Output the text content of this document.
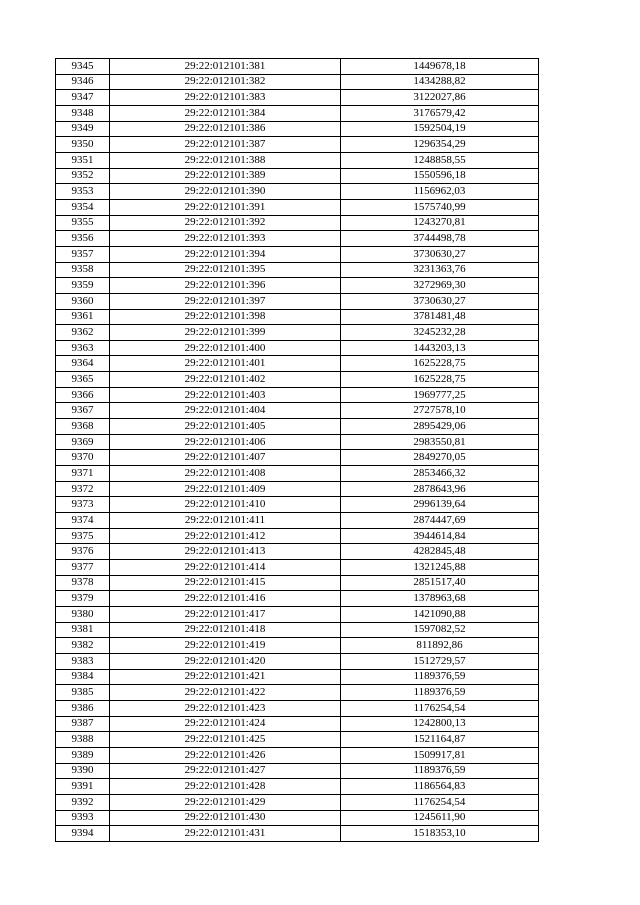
9345	29:22:012101:381	1449678,18
9346	29:22:012101:382	1434288,82
9347	29:22:012101:383	3122027,86
9348	29:22:012101:384	3176579,42
9349	29:22:012101:386	1592504,19
9350	29:22:012101:387	1296354,29
9351	29:22:012101:388	1248858,55
9352	29:22:012101:389	1550596,18
9353	29:22:012101:390	1156962,03
9354	29:22:012101:391	1575740,99
9355	29:22:012101:392	1243270,81
9356	29:22:012101:393	3744498,78
9357	29:22:012101:394	3730630,27
9358	29:22:012101:395	3231363,76
9359	29:22:012101:396	3272969,30
9360	29:22:012101:397	3730630,27
9361	29:22:012101:398	3781481,48
9362	29:22:012101:399	3245232,28
9363	29:22:012101:400	1443203,13
9364	29:22:012101:401	1625228,75
9365	29:22:012101:402	1625228,75
9366	29:22:012101:403	1969777,25
9367	29:22:012101:404	2727578,10
9368	29:22:012101:405	2895429,06
9369	29:22:012101:406	2983550,81
9370	29:22:012101:407	2849270,05
9371	29:22:012101:408	2853466,32
9372	29:22:012101:409	2878643,96
9373	29:22:012101:410	2996139,64
9374	29:22:012101:411	2874447,69
9375	29:22:012101:412	3944614,84
9376	29:22:012101:413	4282845,48
9377	29:22:012101:414	1321245,88
9378	29:22:012101:415	2851517,40
9379	29:22:012101:416	1378963,68
9380	29:22:012101:417	1421090,88
9381	29:22:012101:418	1597082,52
9382	29:22:012101:419	811892,86
9383	29:22:012101:420	1512729,57
9384	29:22:012101:421	1189376,59
9385	29:22:012101:422	1189376,59
9386	29:22:012101:423	1176254,54
9387	29:22:012101:424	1242800,13
9388	29:22:012101:425	1521164,87
9389	29:22:012101:426	1509917,81
9390	29:22:012101:427	1189376,59
9391	29:22:012101:428	1186564,83
9392	29:22:012101:429	1176254,54
9393	29:22:012101:430	1245611,90
9394	29:22:012101:431	1518353,10
